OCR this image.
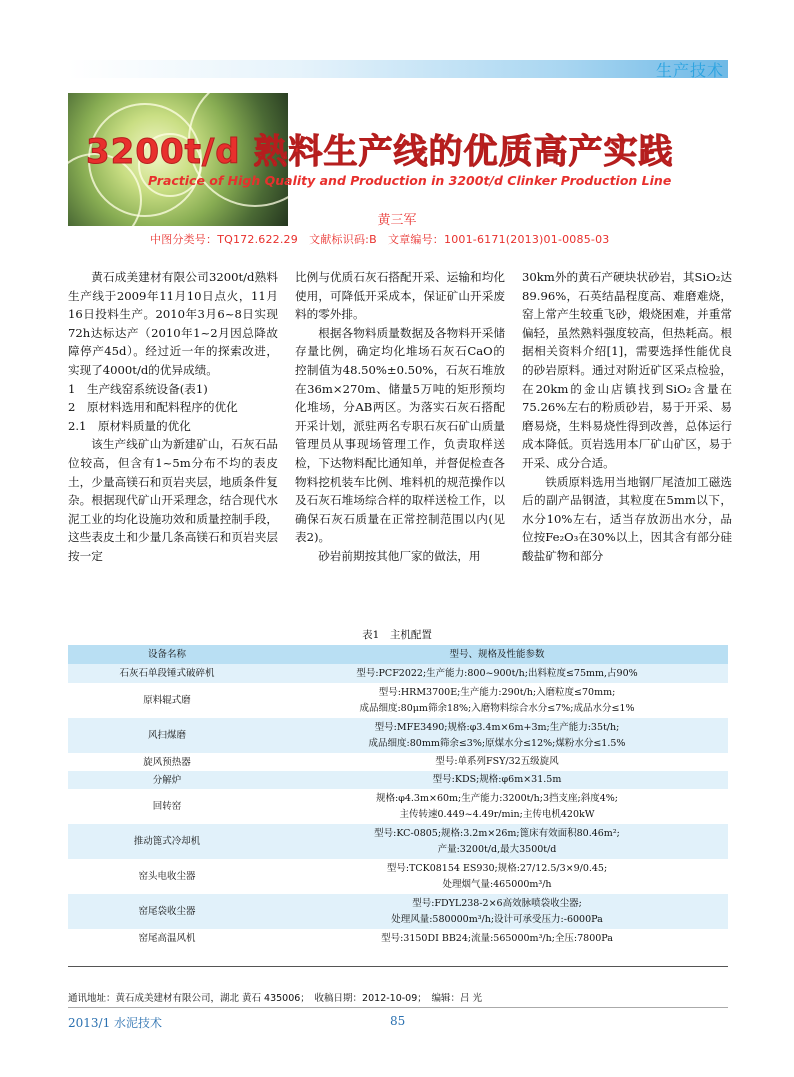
生产技术
3200t/d 熟料生产线的优质高产实践
Practice of High Quality and Production in 3200t/d Clinker Production Line
黄三军
中图分类号：TQ172.622.29　文献标识码:B　文章编号：1001-6171(2013)01-0085-03

黄石成美建材有限公司3200t/d熟料生产线于2009年11月10日点火，11月16日投料生产。2010年3月6~8日实现72h达标达产（2010年1~2月因总降故障停产45d）。经过近一年的探索改进，实现了4000t/d的优异成绩。

1　生产线窑系统设备(表1)

2　原材料选用和配料程序的优化

2.1　原材料质量的优化

该生产线矿山为新建矿山，石灰石品位较高，但含有1~5m分布不均的表皮土，少量高镁石和页岩夹层，地质条件复杂。根据现代矿山开采理念，结合现代水泥工业的均化设施功效和质量控制手段，这些表皮土和少量几条高镁石和页岩夹层按一定

比例与优质石灰石搭配开采、运输和均化使用，可降低开采成本，保证矿山开采废料的零外排。

根据各物料质量数据及各物料开采储存量比例，确定均化堆场石灰石CaO的控制值为48.50%±0.50%，石灰石堆放在36m×270m、储量5万吨的矩形预均化堆场，分AB两区。为落实石灰石搭配开采计划，派驻两名专职石灰石矿山质量管理员从事现场管理工作，负责取样送检，下达物料配比通知单，并督促检查各物料挖机装车比例、堆料机的规范操作以及石灰石堆场综合样的取样送检工作，以确保石灰石质量在正常控制范围以内(见表2)。

砂岩前期按其他厂家的做法，用

30km外的黄石产硬块状砂岩，其SiO₂达89.96%，石英结晶程度高、难磨难烧，窑上常产生较重飞砂，煅烧困难，并重常偏轻，虽然熟料强度较高，但热耗高。根据相关资料介绍[1]，需要选择性能优良的砂岩原料。通过对附近矿区采点检验，在20km的金山店镇找到SiO₂含量在75.26%左右的粉质砂岩，易于开采、易磨易烧，生料易烧性得到改善，总体运行成本降低。页岩选用本厂矿山矿区，易于开采、成分合适。

铁质原料选用当地钢厂尾渣加工磁选后的副产品钢渣，其粒度在5mm以下，水分10%左右，适当存放沥出水分，品位按Fe₂O₃在30%以上，因其含有部分硅酸盐矿物和部分

表1　主机配置
设备名称	型号、规格及性能参数
石灰石单段锤式破碎机	型号:PCF2022;生产能力:800~900t/h;出料粒度≤75mm,占90%

原料辊式磨	型号:HRM3700E;生产能力:290t/h;入磨粒度≤70mm;
成品细度:80μm筛余18%;入磨物料综合水分≤7%;成品水分≤1%

风扫煤磨	型号:MFE3490;规格:φ3.4m×6m+3m;生产能力:35t/h;
成品细度:80mm筛余≤3%;原煤水分≤12%;煤粉水分≤1.5%

旋风预热器	型号:单系列FSY/32五级旋风

分解炉	型号:KDS;规格:φ6m×31.5m

回转窑	规格:φ4.3m×60m;生产能力:3200t/h;3挡支座;斜度4%;
主传转速0.449~4.49r/min;主传电机420kW

推动篦式冷却机	型号:KC-0805;规格:3.2m×26m;篦床有效面积80.46m²;
产量:3200t/d,最大3500t/d

窑头电收尘器	型号:TCK08154 ES930;规格:27/12.5/3×9/0.45;
处理烟气量:465000m³/h

窑尾袋收尘器	型号:FDYL238-2×6高效脉喷袋收尘器;
处理风量:580000m³/h;设计可承受压力:-6000Pa

窑尾高温风机	型号:3150DI BB24;流量:565000m³/h;全压:7800Pa
通讯地址：黄石成美建材有限公司，湖北 黄石 435006；　收稿日期：2012-10-09；　编辑：吕 光
2013/1 水泥技术	85
